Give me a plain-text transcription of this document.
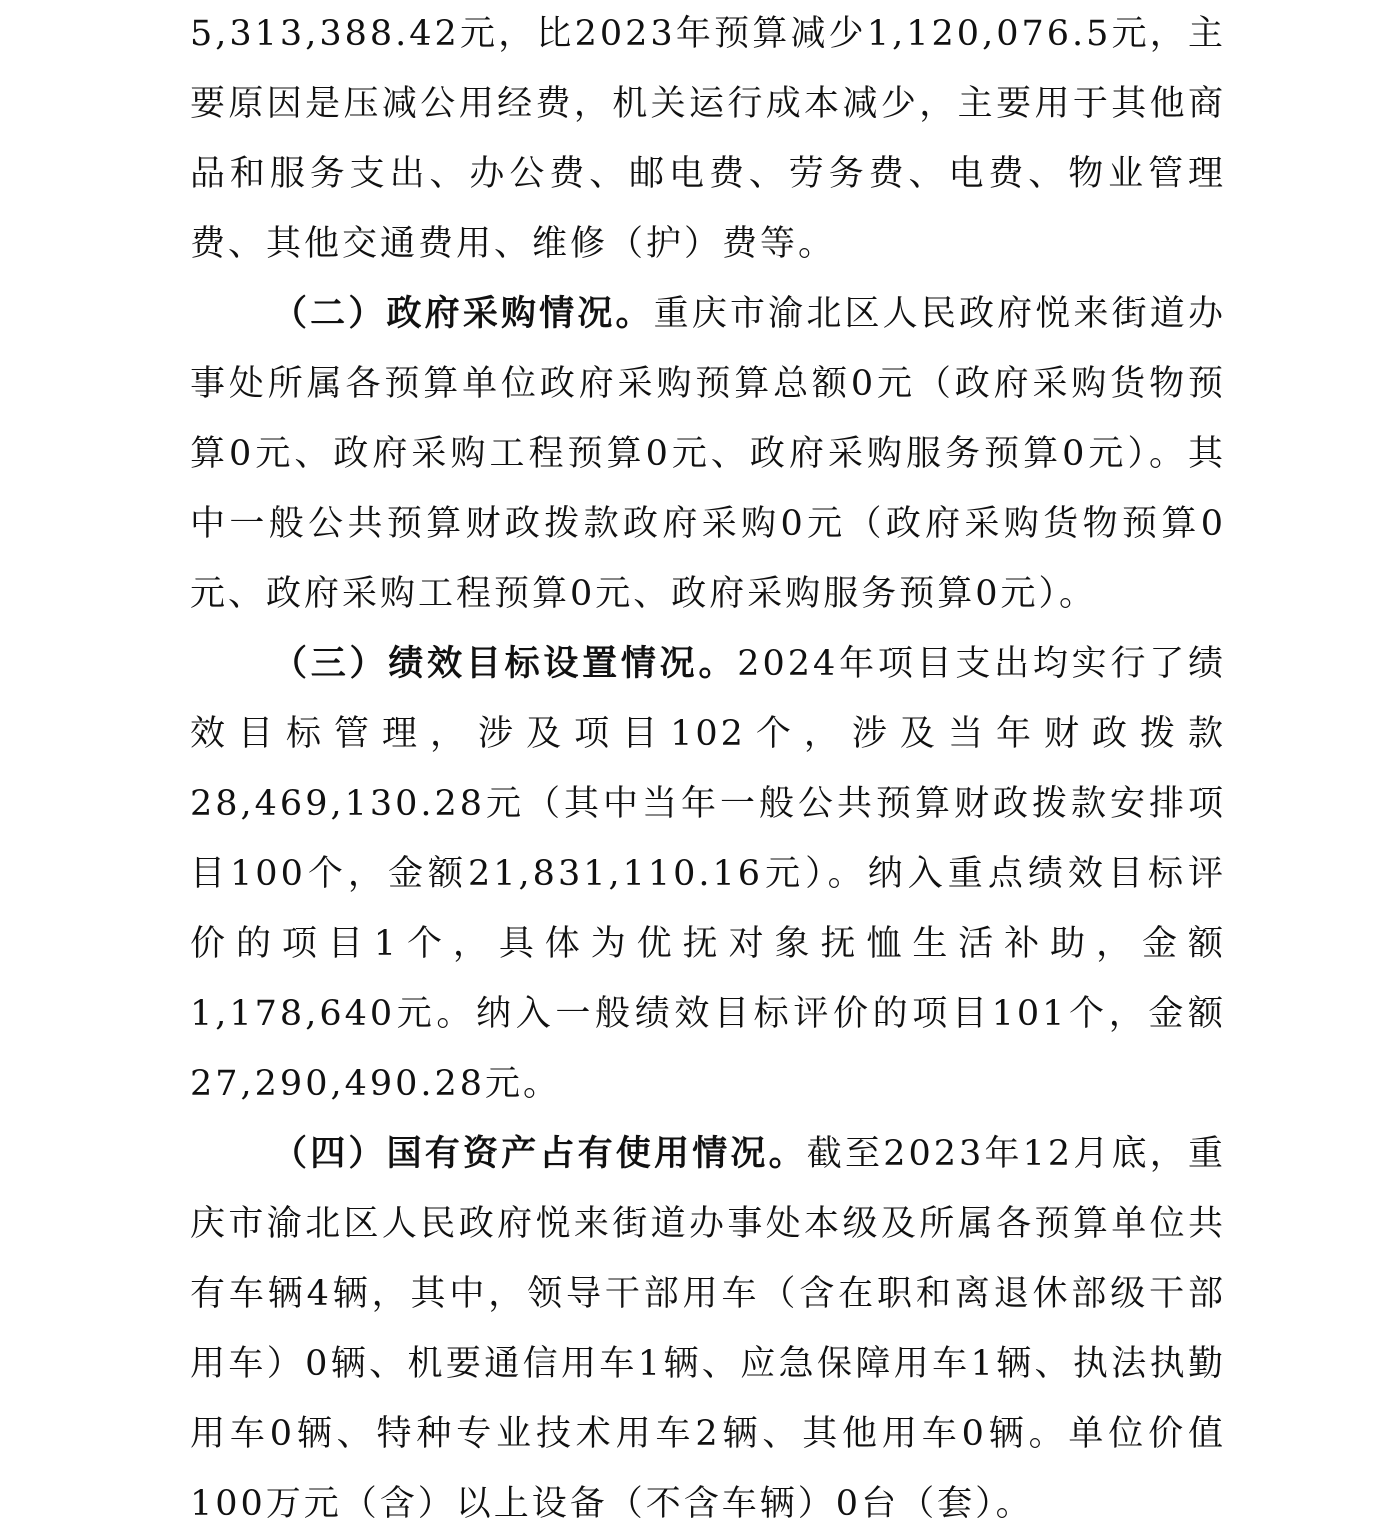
5,313,388.42元，比2023年预算减少1,120,076.5元，主要原因是压减公用经费，机关运行成本减少，主要用于其他商品和服务支出、办公费、邮电费、劳务费、电费、物业管理费、其他交通费用、维修（护）费等。

（二）政府采购情况。重庆市渝北区人民政府悦来街道办事处所属各预算单位政府采购预算总额0元（政府采购货物预算0元、政府采购工程预算0元、政府采购服务预算0元）。其中一般公共预算财政拨款政府采购0元（政府采购货物预算0元、政府采购工程预算0元、政府采购服务预算0元）。

（三）绩效目标设置情况。2024年项目支出均实行了绩效目标管理，涉及项目102个，涉及当年财政拨款28,469,130.28元（其中当年一般公共预算财政拨款安排项目100个，金额21,831,110.16元）。纳入重点绩效目标评价的项目1个，具体为优抚对象抚恤生活补助，金额1,178,640元。纳入一般绩效目标评价的项目101个，金额27,290,490.28元。

（四）国有资产占有使用情况。截至2023年12月底，重庆市渝北区人民政府悦来街道办事处本级及所属各预算单位共有车辆4辆，其中，领导干部用车（含在职和离退休部级干部用车）0辆、机要通信用车1辆、应急保障用车1辆、执法执勤用车0辆、特种专业技术用车2辆、其他用车0辆。单位价值100万元（含）以上设备（不含车辆）0台（套）。
